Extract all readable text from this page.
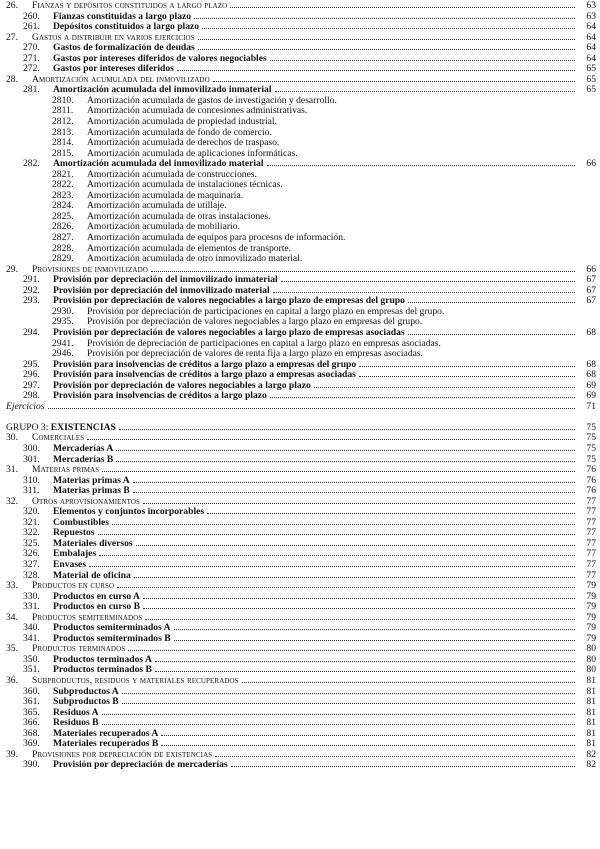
26.	Fianzas y depósitos constituidos a largo plazo	63
260.	Fianzas constituidas a largo plazo	63
261.	Depósitos constituidos a largo plazo	64
27.	Gastos a distribuir en varios ejercicios	64
270.	Gastos de formalización de deudas	64
271.	Gastos por intereses diferidos de valores negociables	64
272.	Gastos por intereses diferidos	65
28.	Amortización acumulada del inmovilizado	65
281.	Amortización acumulada del inmovilizado inmaterial	65
2810.	Amortización acumulada de gastos de investigación y desarrollo.
2811.	Amortización acumulada de concesiones administrativas.
2812.	Amortización acumulada de propiedad industrial.
2813.	Amortización acumulada de fondo de comercio.
2814.	Amortización acumulada de derechos de traspaso.
2815.	Amortización acumulada de aplicaciones informáticas.
282.	Amortización acumulada del inmovilizado material	66
2821.	Amortización acumulada de construcciones.
2822.	Amortización acumulada de instalaciones técnicas.
2823.	Amortización acumulada de maquinaria.
2824.	Amortización acumulada de utillaje.
2825.	Amortización acumulada de otras instalaciones.
2826.	Amortización acumulada de mobiliario.
2827.	Amortización acumulada de equipos para procesos de información.
2828.	Amortización acumulada de elementos de transporte.
2829.	Amortización acumulada de otro inmovilizado material.
29.	Provisiones de inmovilizado	66
291.	Provisión por depreciación del inmovilizado inmaterial	67
292.	Provisión por depreciación del inmovilizado material	67
293.	Provisión por depreciación de valores negociables a largo plazo de empresas del grupo	67
2930.	Provisión por depreciación de participaciones en capital a largo plazo en empresas del grupo.
2935.	Provisión por depreciación de valores negociables a largo plazo en empresas del grupo.
294.	Provisión por depreciación de valores negociables a largo plazo de empresas asociadas	68
2941.	Provisión de depreciación de participaciones en capital a largo plazo en empresas asociadas.
2946.	Provisión por depreciación de valores de renta fija a largo plazo en empresas asociadas.
295.	Provisión para insolvencias de créditos a largo plazo a empresas del grupo	68
296.	Provisión para insolvencias de créditos a largo plazo a empresas asociadas	68
297.	Provisión por depreciación de valores negociables a largo plazo	69
298.	Provisión para insolvencias de créditos a largo plazo	69
Ejercicios	71
GRUPO 3: EXISTENCIAS	75
30.	Comerciales	75
300.	Mercaderías A	75
301.	Mercaderías B	75
31.	Materias primas	76
310.	Materias primas A	76
311.	Materias primas B	76
32.	Otros aprovisionamientos	77
320.	Elementos y conjuntos incorporables	77
321.	Combustibles	77
322.	Repuestos	77
325.	Materiales diversos	77
326.	Embalajes	77
327.	Envases	77
328.	Material de oficina	77
33.	Productos en curso	79
330.	Productos en curso A	79
331.	Productos en curso B	79
34.	Productos semiterminados	79
340.	Productos semiterminados A	79
341.	Productos semiterminados B	79
35.	Productos terminados	80
350.	Productos terminados A	80
351.	Productos terminados B	80
36.	Subproductos, residuos y materiales recuperados	81
360.	Subproductos A	81
361.	Subproductos B	81
365.	Residuos A	81
366.	Residuos B	81
368.	Materiales recuperados A	81
369.	Materiales recuperados B	81
39.	Provisiones por depreciación de existencias	82
390.	Provisión por depreciación de mercaderías	82
